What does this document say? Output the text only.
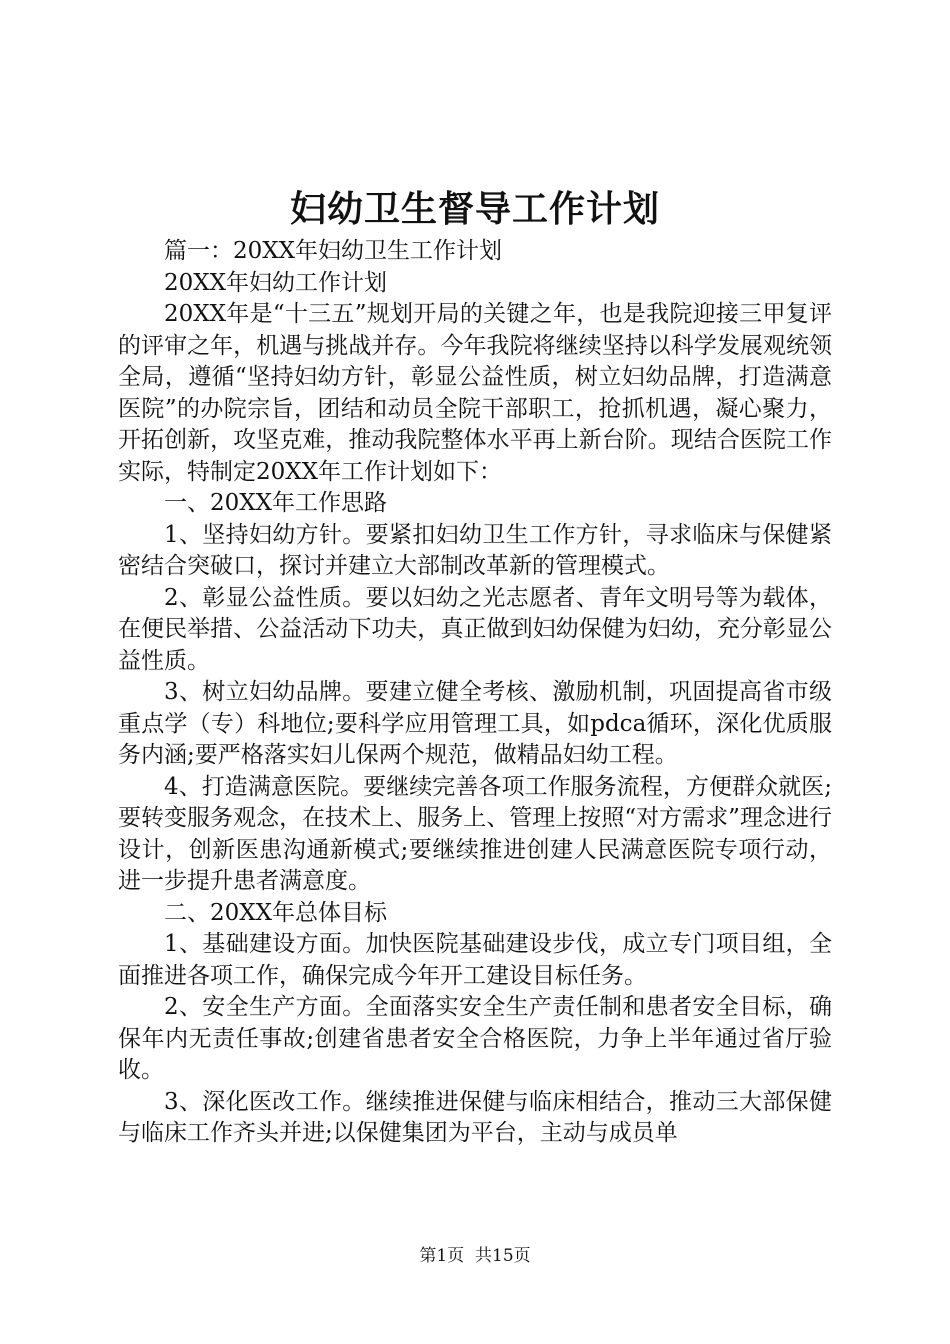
妇幼卫生督导工作计划

篇一：20XX年妇幼卫生工作计划

20XX年妇幼工作计划

20XX年是“十三五”规划开局的关键之年，也是我院迎接三甲复评的评审之年，机遇与挑战并存。今年我院将继续坚持以科学发展观统领全局，遵循“坚持妇幼方针，彰显公益性质，树立妇幼品牌，打造满意医院”的办院宗旨，团结和动员全院干部职工，抢抓机遇，凝心聚力，开拓创新，攻坚克难，推动我院整体水平再上新台阶。现结合医院工作实际，特制定20XX年工作计划如下：

一、20XX年工作思路

1、坚持妇幼方针。要紧扣妇幼卫生工作方针，寻求临床与保健紧密结合突破口，探讨并建立大部制改革新的管理模式。

2、彰显公益性质。要以妇幼之光志愿者、青年文明号等为载体，在便民举措、公益活动下功夫，真正做到妇幼保健为妇幼，充分彰显公益性质。

3、树立妇幼品牌。要建立健全考核、激励机制，巩固提高省市级重点学（专）科地位;要科学应用管理工具，如pdca循环，深化优质服务内涵;要严格落实妇儿保两个规范，做精品妇幼工程。

4、打造满意医院。要继续完善各项工作服务流程，方便群众就医;要转变服务观念，在技术上、服务上、管理上按照“对方需求”理念进行设计，创新医患沟通新模式;要继续推进创建人民满意医院专项行动，进一步提升患者满意度。

二、20XX年总体目标

1、基础建设方面。加快医院基础建设步伐，成立专门项目组，全面推进各项工作，确保完成今年开工建设目标任务。

2、安全生产方面。全面落实安全生产责任制和患者安全目标，确保年内无责任事故;创建省患者安全合格医院，力争上半年通过省厅验收。

3、深化医改工作。继续推进保健与临床相结合，推动三大部保健与临床工作齐头并进;以保健集团为平台，主动与成员单

第1页 共15页
